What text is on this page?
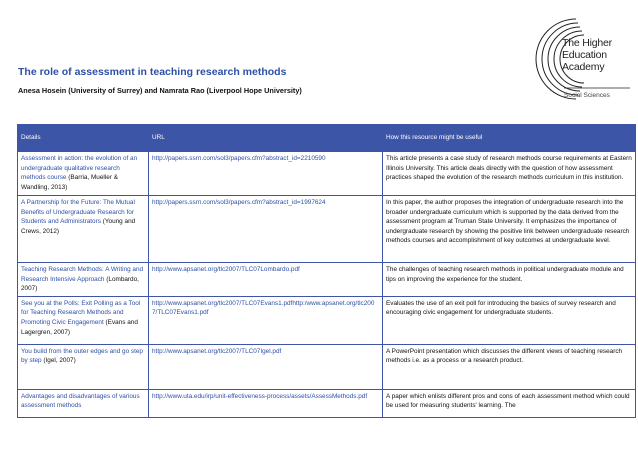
The Higher
Education
Academy
Social Sciences
The role of assessment in teaching research methods
Anesa Hosein (University of Surrey) and Namrata Rao (Liverpool Hope University)
Details	URL	How this resource might be useful
Assessment in action: the evolution of an undergraduate qualitative research methods course (Barria, Mueller & Wandling, 2013)	http://papers.ssrn.com/sol3/papers.cfm?abstract_id=2210590	This article presents a case study of research methods course requirements at Eastern Illinois University. This article deals directly with the question of how assessment practices shaped the evolution of the research methods curriculum in this institution.
A Partnership for the Future: The Mutual Benefits of Undergraduate Research for Students and Administrators (Young and Crews, 2012)	http://papers.ssrn.com/sol3/papers.cfm?abstract_id=1997624	In this paper, the author proposes the integration of undergraduate research into the broader undergraduate curriculum which is supported by the data derived from the assessment program at Truman State University. It emphasizes the importance of undergraduate research by showing the positive link between undergraduate research methods courses and accomplishment of key outcomes at undergraduate level.
Teaching Research Methods: A Writing and Research Intensive Approach (Lombardo, 2007)	http://www.apsanet.org/tlc2007/TLC07Lombardo.pdf	The challenges of teaching research methods in political undergraduate module and tips on improving the experience for the student.
See you at the Polls: Exit Polling as a Tool for Teaching Research Methods and Promoting Civic Engagement (Evans and Lagergren, 2007)	http://www.apsanet.org/tlc2007/TLC07Evans1.pdfhttp:/www.apsanet.org/tlc2007/TLC07Evans1.pdf	Evaluates the use of an exit poll for introducing the basics of survey research and encouraging civic engagement for undergraduate students.
You build from the outer edges and go step by step (Igel, 2007)	http://www.apsanet.org/tlc2007/TLC07Igel.pdf	A PowerPoint presentation which discusses the different views of teaching research methods i.e. as a process or a research product.
Advantages and disadvantages of various assessment methods	http://www.uta.edu/irp/unit-effectiveness-process/assets/AssessMethods.pdf	A paper which enlists different pros and cons of each assessment method which could be used for measuring students' learning. The
